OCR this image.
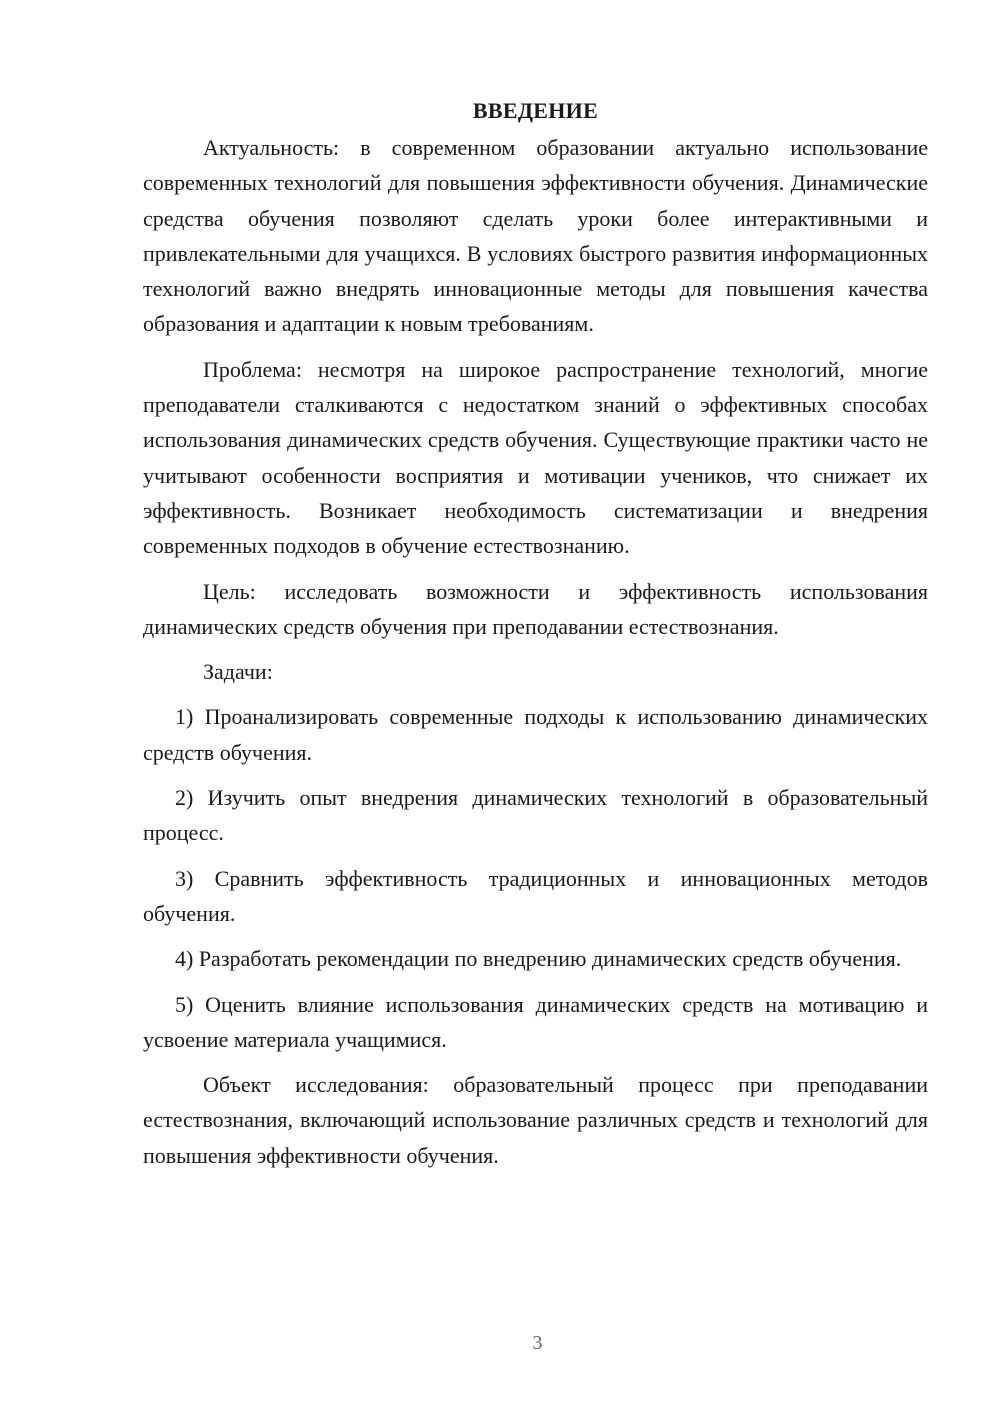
ВВЕДЕНИЕ

Актуальность: в современном образовании актуально использование современных технологий для повышения эффективности обучения. Динамические средства обучения позволяют сделать уроки более интерактивными и привлекательными для учащихся. В условиях быстрого развития информационных технологий важно внедрять инновационные методы для повышения качества образования и адаптации к новым требованиям.

Проблема: несмотря на широкое распространение технологий, многие преподаватели сталкиваются с недостатком знаний о эффективных способах использования динамических средств обучения. Существующие практики часто не учитывают особенности восприятия и мотивации учеников, что снижает их эффективность. Возникает необходимость систематизации и внедрения современных подходов в обучение естествознанию.

Цель: исследовать возможности и эффективность использования динамических средств обучения при преподавании естествознания.

Задачи:

1) Проанализировать современные подходы к использованию динамических средств обучения.

2) Изучить опыт внедрения динамических технологий в образовательный процесс.

3) Сравнить эффективность традиционных и инновационных методов обучения.

4) Разработать рекомендации по внедрению динамических средств обучения.

5) Оценить влияние использования динамических средств на мотивацию и усвоение материала учащимися.

Объект исследования: образовательный процесс при преподавании естествознания, включающий использование различных средств и технологий для повышения эффективности обучения.

3
